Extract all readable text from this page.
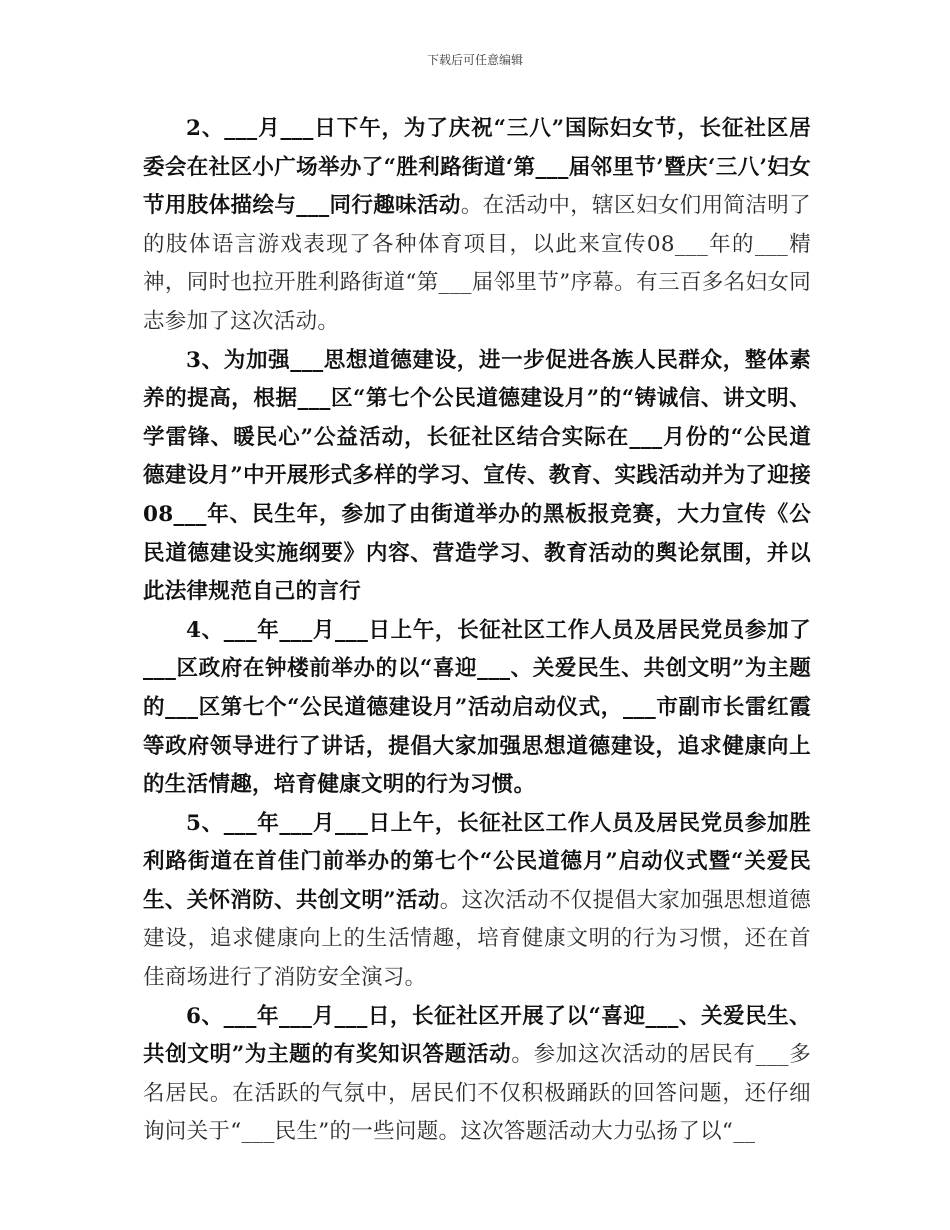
下载后可任意编辑

2、___月___日下午，为了庆祝“三八”国际妇女节，长征社区居委会在社区小广场举办了“胜利路街道‘第___届邻里节’暨庆‘三八’妇女节用肢体描绘与___同行趣味活动。在活动中，辖区妇女们用简洁明了的肢体语言游戏表现了各种体育项目，以此来宣传08___年的___精神，同时也拉开胜利路街道“第___届邻里节”序幕。有三百多名妇女同志参加了这次活动。

3、为加强___思想道德建设，进一步促进各族人民群众，整体素养的提高，根据___区“第七个公民道德建设月”的“铸诚信、讲文明、学雷锋、暖民心”公益活动，长征社区结合实际在___月份的“公民道德建设月”中开展形式多样的学习、宣传、教育、实践活动并为了迎接08___年、民生年，参加了由街道举办的黑板报竞赛，大力宣传《公民道德建设实施纲要》内容、营造学习、教育活动的舆论氛围，并以此法律规范自己的言行

4、___年___月___日上午，长征社区工作人员及居民党员参加了___区政府在钟楼前举办的以“喜迎___、关爱民生、共创文明”为主题的___区第七个“公民道德建设月”活动启动仪式，___市副市长雷红霞等政府领导进行了讲话，提倡大家加强思想道德建设，追求健康向上的生活情趣，培育健康文明的行为习惯。

5、___年___月___日上午，长征社区工作人员及居民党员参加胜利路街道在首佳门前举办的第七个“公民道德月”启动仪式暨“关爱民生、关怀消防、共创文明”活动。这次活动不仅提倡大家加强思想道德建设，追求健康向上的生活情趣，培育健康文明的行为习惯，还在首佳商场进行了消防安全演习。

6、___年___月___日，长征社区开展了以“喜迎___、关爱民生、共创文明”为主题的有奖知识答题活动。参加这次活动的居民有___多名居民。在活跃的气氛中，居民们不仅积极踊跃的回答问题，还仔细询问关于“___民生”的一些问题。这次答题活动大力弘扬了以“__
